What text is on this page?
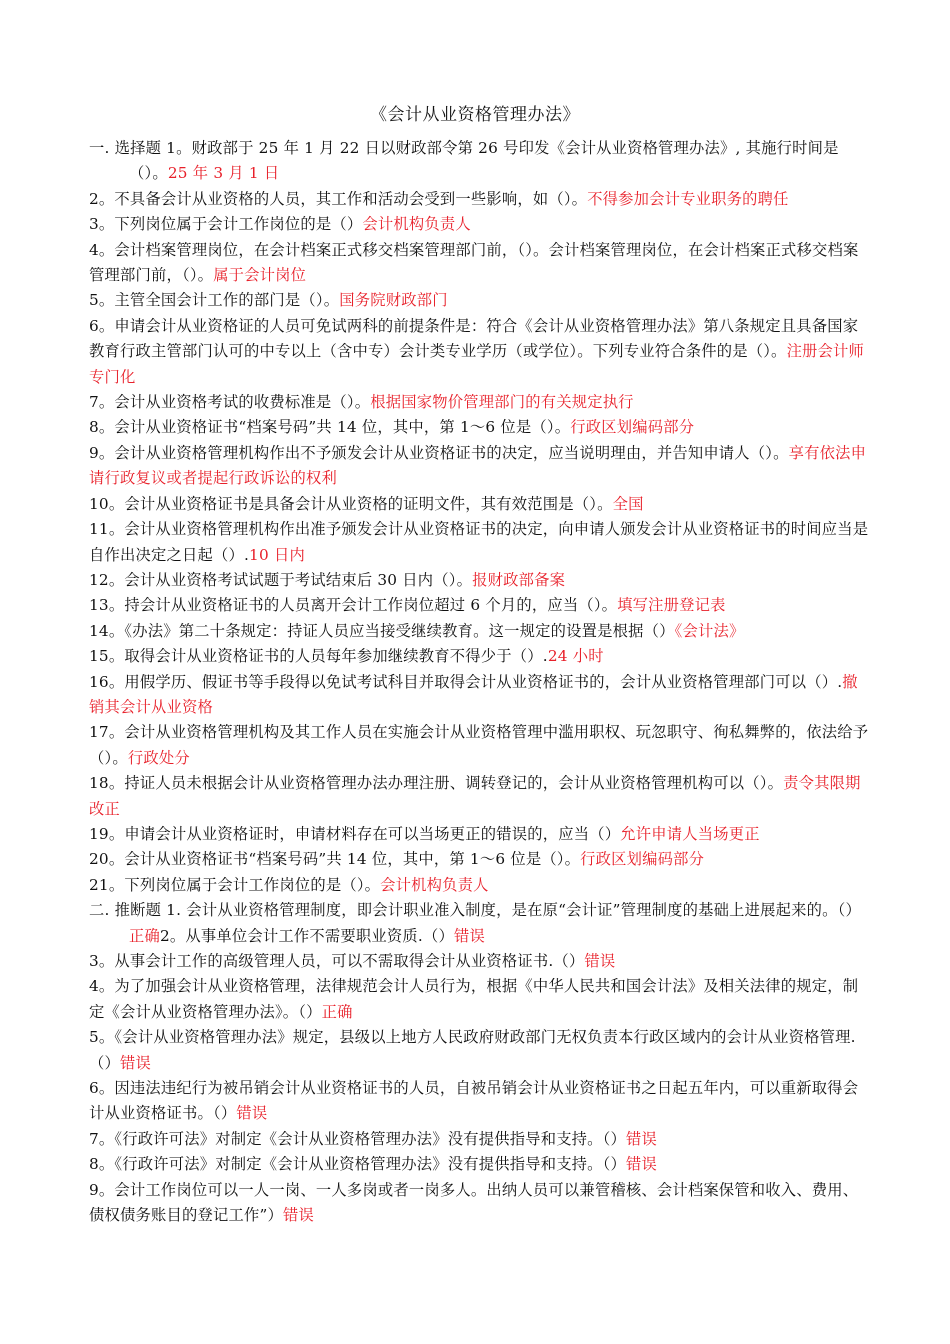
《会计从业资格管理办法》

一. 选择题 1。财政部于 25 年 1 月 22 日以财政部令第 26 号印发《会计从业资格管理办法》, 其施行时间是（）。25 年 3 月 1 日

2。不具备会计从业资格的人员，其工作和活动会受到一些影响，如（）。不得参加会计专业职务的聘任

3。下列岗位属于会计工作岗位的是（）会计机构负责人

4。会计档案管理岗位，在会计档案正式移交档案管理部门前，（）。会计档案管理岗位，在会计档案正式移交档案管理部门前，（）。属于会计岗位

5。主管全国会计工作的部门是（）。国务院财政部门

6。申请会计从业资格证的人员可免试两科的前提条件是：符合《会计从业资格管理办法》第八条规定且具备国家教育行政主管部门认可的中专以上（含中专）会计类专业学历（或学位）。下列专业符合条件的是（）。注册会计师专门化

7。会计从业资格考试的收费标准是（）。根据国家物价管理部门的有关规定执行

8。会计从业资格证书“档案号码”共 14 位，其中，第 1〜6 位是（）。行政区划编码部分

9。会计从业资格管理机构作出不予颁发会计从业资格证书的决定，应当说明理由，并告知申请人（）。享有依法申请行政复议或者提起行政诉讼的权利

10。会计从业资格证书是具备会计从业资格的证明文件，其有效范围是（）。全国

11。会计从业资格管理机构作出准予颁发会计从业资格证书的决定，向申请人颁发会计从业资格证书的时间应当是自作出决定之日起（）.10 日内

12。会计从业资格考试试题于考试结束后 30 日内（）。报财政部备案

13。持会计从业资格证书的人员离开会计工作岗位超过 6 个月的，应当（）。填写注册登记表

14。《办法》第二十条规定：持证人员应当接受继续教育。这一规定的设置是根据（）《会计法》

15。取得会计从业资格证书的人员每年参加继续教育不得少于（）.24 小时

16。用假学历、假证书等手段得以免试考试科目并取得会计从业资格证书的，会计从业资格管理部门可以（）.撤销其会计从业资格

17。会计从业资格管理机构及其工作人员在实施会计从业资格管理中滥用职权、玩忽职守、徇私舞弊的，依法给予（）。行政处分

18。持证人员未根据会计从业资格管理办法办理注册、调转登记的，会计从业资格管理机构可以（）。责令其限期改正

19。申请会计从业资格证时，申请材料存在可以当场更正的错误的，应当（）允许申请人当场更正

20。会计从业资格证书“档案号码”共 14 位，其中，第 1〜6 位是（）。行政区划编码部分

21。下列岗位属于会计工作岗位的是（）。会计机构负责人

二. 推断题 1. 会计从业资格管理制度，即会计职业准入制度，是在原“会计证”管理制度的基础上进展起来的。（）正确2。从事单位会计工作不需要职业资质.（）错误

3。从事会计工作的高级管理人员，可以不需取得会计从业资格证书.（）错误

4。为了加强会计从业资格管理，法律规范会计人员行为，根据《中华人民共和国会计法》及相关法律的规定，制定《会计从业资格管理办法》。（）正确

5。《会计从业资格管理办法》规定，县级以上地方人民政府财政部门无权负责本行政区域内的会计从业资格管理.（）错误

6。因违法违纪行为被吊销会计从业资格证书的人员，自被吊销会计从业资格证书之日起五年内，可以重新取得会计从业资格证书。（）错误

7。《行政许可法》对制定《会计从业资格管理办法》没有提供指导和支持。（）错误

8。《行政许可法》对制定《会计从业资格管理办法》没有提供指导和支持。（）错误

9。会计工作岗位可以一人一岗、一人多岗或者一岗多人。出纳人员可以兼管稽核、会计档案保管和收入、费用、债权债务账目的登记工作”）错误
